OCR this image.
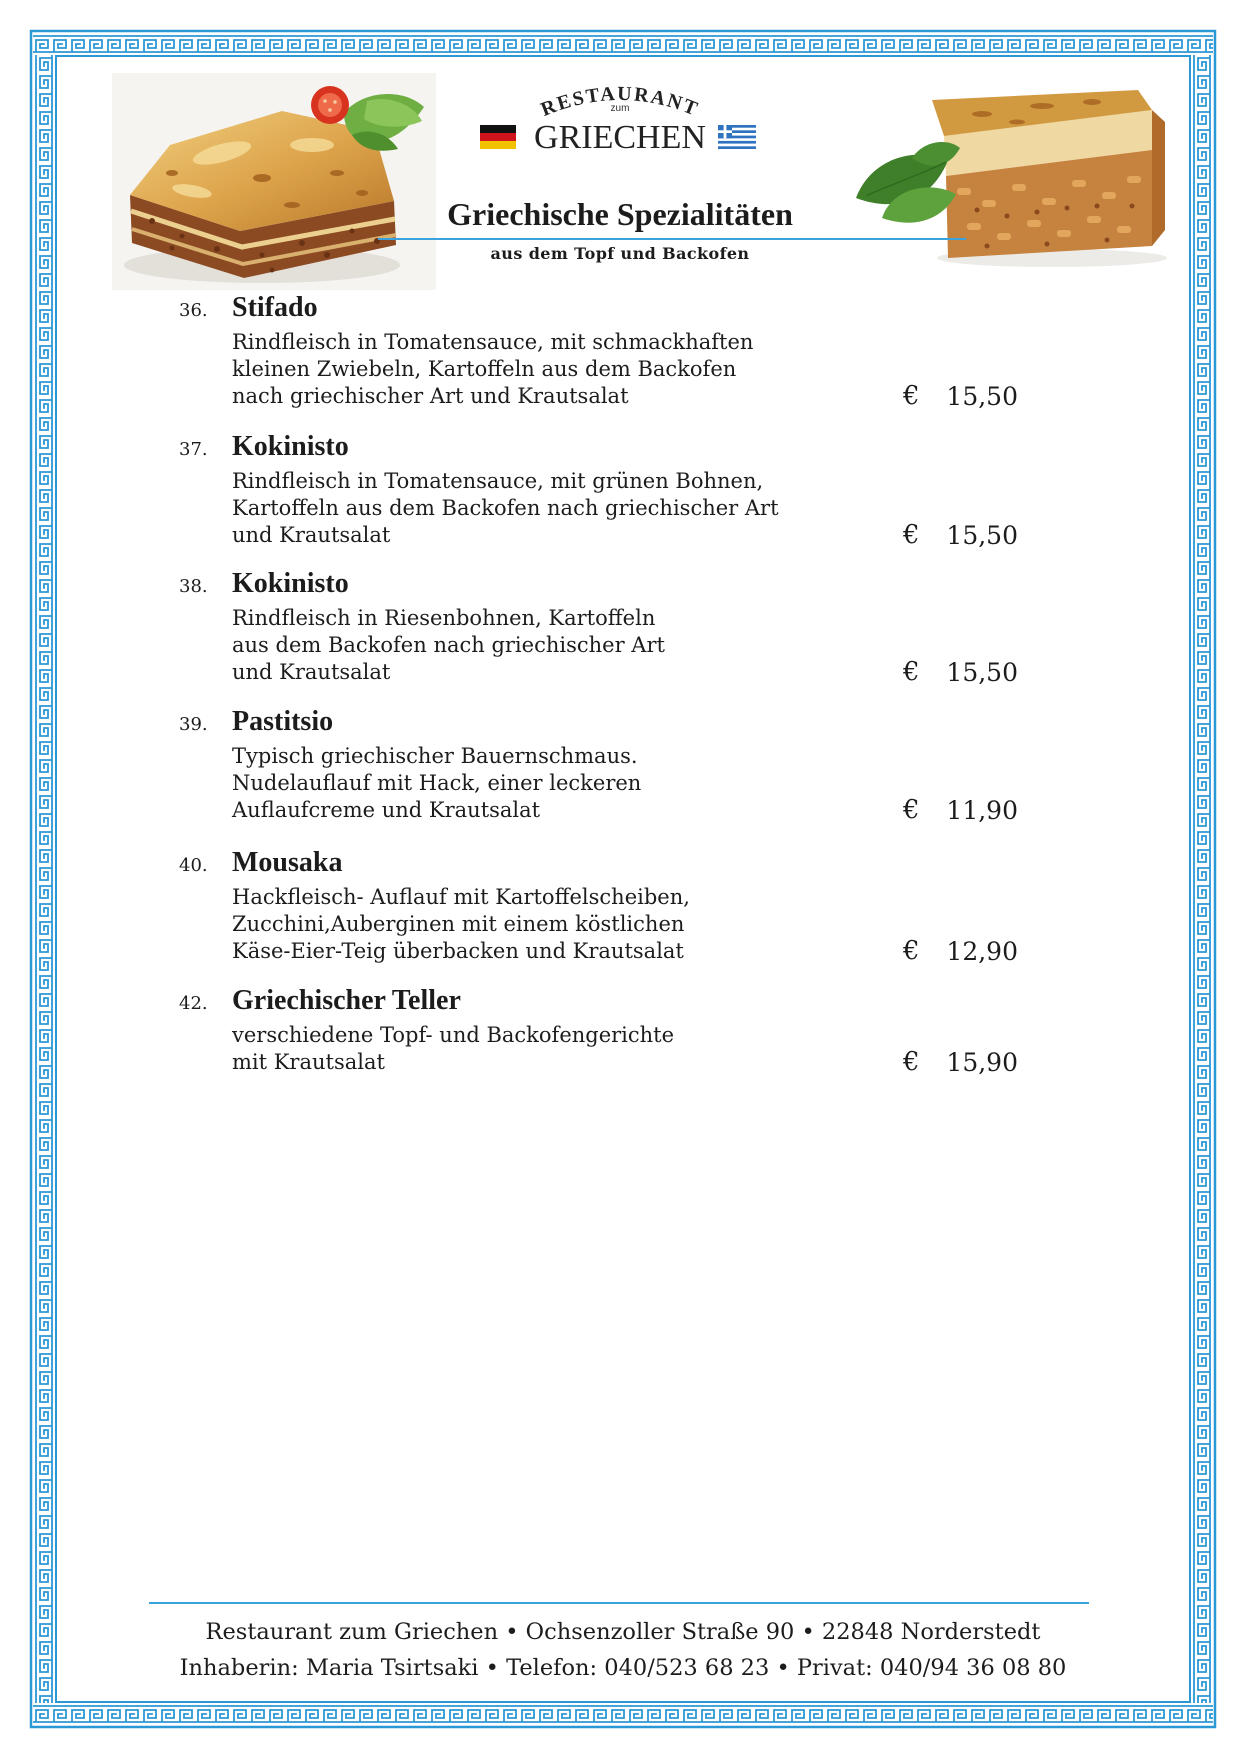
RESTAURANT
zum
GRIECHEN
Griechische Spezialitäten
aus dem Topf und Backofen
36. Stifado
Rindfleisch in Tomatensauce, mit schmackhaften
kleinen Zwiebeln, Kartoffeln aus dem Backofen
nach griechischer Art und Krautsalat	€ 15,50
37. Kokinisto
Rindfleisch in Tomatensauce, mit grünen Bohnen,
Kartoffeln aus dem Backofen nach griechischer Art
und Krautsalat	€ 15,50
38. Kokinisto
Rindfleisch in Riesenbohnen, Kartoffeln
aus dem Backofen nach griechischer Art
und Krautsalat	€ 15,50
39. Pastitsio
Typisch griechischer Bauernschmaus.
Nudelauflauf mit Hack, einer leckeren
Auflaufcreme und Krautsalat	€ 11,90
40. Mousaka
Hackfleisch- Auflauf mit Kartoffelscheiben,
Zucchini,Auberginen mit einem köstlichen
Käse-Eier-Teig überbacken und Krautsalat	€ 12,90
42. Griechischer Teller
verschiedene Topf- und Backofengerichte
mit Krautsalat	€ 15,90
Restaurant zum Griechen • Ochsenzoller Straße 90 • 22848 Norderstedt
Inhaberin: Maria Tsirtsaki • Telefon: 040/523 68 23 • Privat: 040/94 36 08 80
